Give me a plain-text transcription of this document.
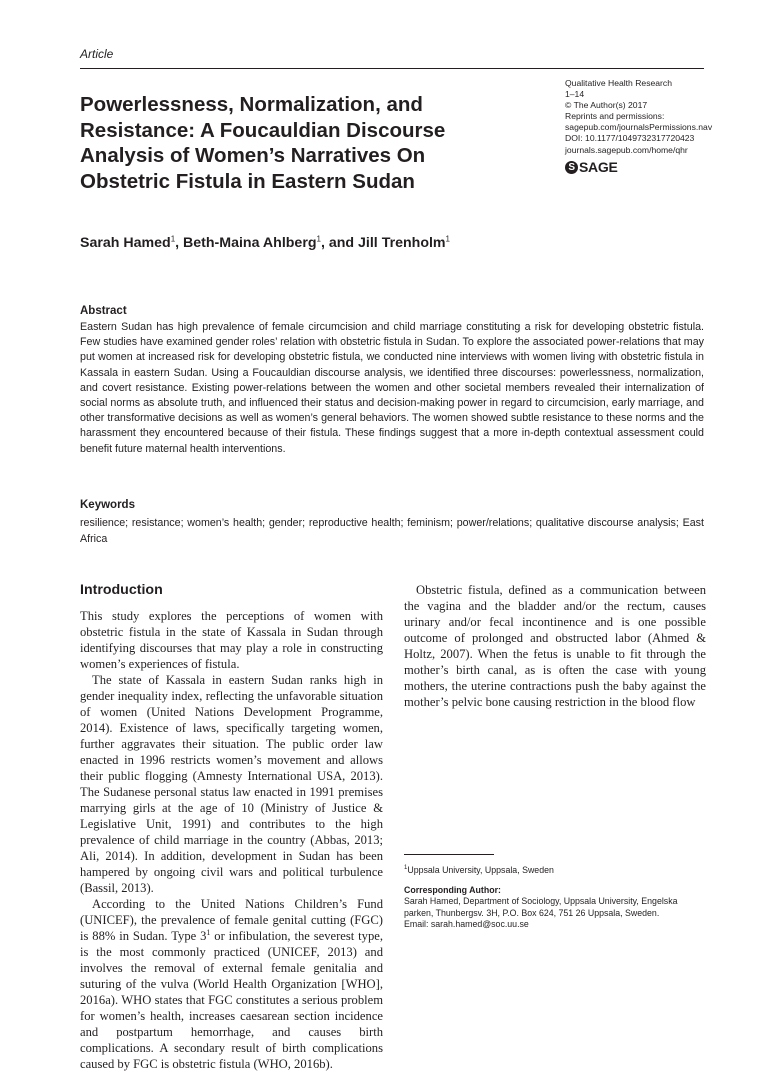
Article
Powerlessness, Normalization, and Resistance: A Foucauldian Discourse Analysis of Women’s Narratives On Obstetric Fistula in Eastern Sudan
Qualitative Health Research
1–14
© The Author(s) 2017
Reprints and permissions:
sagepub.com/journalsPermissions.nav
DOI: 10.1177/1049732317720423
journals.sagepub.com/home/qhr
S SAGE
Sarah Hamed$^1$, Beth-Maina Ahlberg$^1$, and Jill Trenholm$^1$
Abstract

Eastern Sudan has high prevalence of female circumcision and child marriage constituting a risk for developing obstetric fistula. Few studies have examined gender roles’ relation with obstetric fistula in Sudan. To explore the associated power-relations that may put women at increased risk for developing obstetric fistula, we conducted nine interviews with women living with obstetric fistula in Kassala in eastern Sudan. Using a Foucauldian discourse analysis, we identified three discourses: powerlessness, normalization, and covert resistance. Existing power-relations between the women and other societal members revealed their internalization of social norms as absolute truth, and influenced their status and decision-making power in regard to circumcision, early marriage, and other transformative decisions as well as women’s general behaviors. The women showed subtle resistance to these norms and the harassment they encountered because of their fistula. These findings suggest that a more in-depth contextual assessment could benefit future maternal health interventions.

Keywords

resilience; resistance; women’s health; gender; reproductive health; feminism; power/relations; qualitative discourse analysis; East Africa

Introduction

This study explores the perceptions of women with obstetric fistula in the state of Kassala in Sudan through identifying discourses that may play a role in constructing women’s experiences of fistula.

The state of Kassala in eastern Sudan ranks high in gender inequality index, reflecting the unfavorable situation of women (United Nations Development Programme, 2014). Existence of laws, specifically targeting women, further aggravates their situation. The public order law enacted in 1996 restricts women’s movement and allows their public flogging (Amnesty International USA, 2013). The Sudanese personal status law enacted in 1991 premises marrying girls at the age of 10 (Ministry of Justice & Legislative Unit, 1991) and contributes to the high prevalence of child marriage in the country (Abbas, 2013; Ali, 2014). In addition, development in Sudan has been hampered by ongoing civil wars and political turbulence (Bassil, 2013).

According to the United Nations Children’s Fund (UNICEF), the prevalence of female genital cutting (FGC) is 88% in Sudan. Type $3^1$ or infibulation, the severest type, is the most commonly practiced (UNICEF, 2013) and involves the removal of external female genitalia and suturing of the vulva (World Health Organization [WHO], 2016a). WHO states that FGC constitutes a serious problem for women’s health, increases caesarean section incidence and postpartum hemorrhage, and causes birth complications. A secondary result of birth complications caused by FGC is obstetric fistula (WHO, 2016b).

Obstetric fistula, defined as a communication between the vagina and the bladder and/or the rectum, causes urinary and/or fecal incontinence and is one possible outcome of prolonged and obstructed labor (Ahmed & Holtz, 2007). When the fetus is unable to fit through the mother’s birth canal, as is often the case with young mothers, the uterine contractions push the baby against the mother’s pelvic bone causing restriction in the blood flow

$^1$Uppsala University, Uppsala, Sweden
Corresponding Author:
Sarah Hamed, Department of Sociology, Uppsala University, Engelska
parken, Thunbergsv. 3H, P.O. Box 624, 751 26 Uppsala, Sweden.
Email: sarah.hamed@soc.uu.se
